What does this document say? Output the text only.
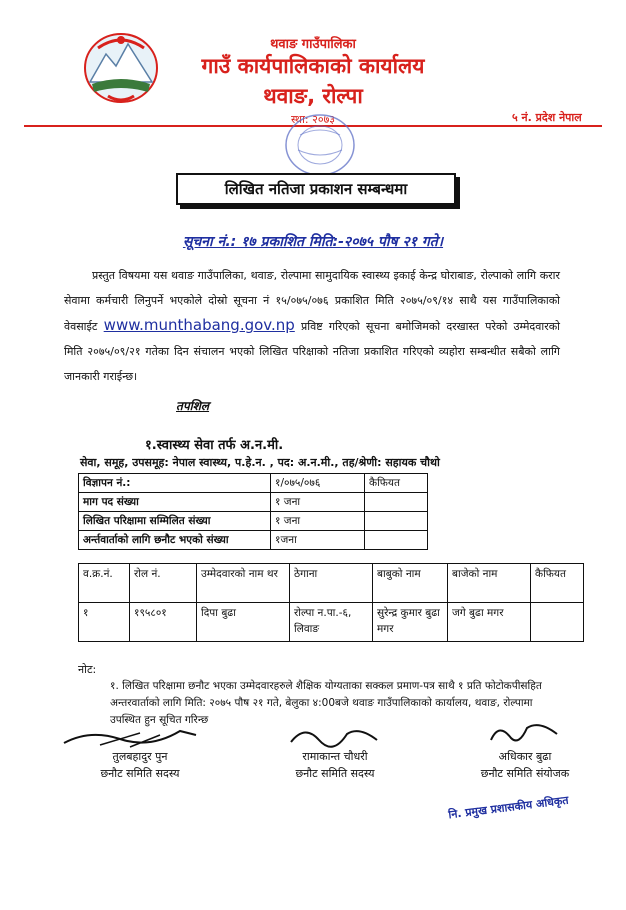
थवाङ गाउँपालिका
गाउँ कार्यपालिकाको कार्यालय
थवाङ, रोल्पा
स्था: २०७३	५ नं. प्रदेश नेपाल
लिखित नतिजा प्रकाशन सम्बन्धमा
सूचना नं.: १७ प्रकाशित मिति:-२०७५ पौष २१ गते।
प्रस्तुत विषयमा यस थवाङ गाउँपालिका, थवाङ, रोल्पामा सामुदायिक स्वास्थ्य इकाई केन्द्र घोराबाङ, रोल्पाको लागि करार सेवामा कर्मचारी लिनुपर्ने भएकोले दोस्रो सूचना नं १५/०७५/०७६ प्रकाशित मिति २०७५/०९/१४ साथै यस गाउँपालिकाको वेवसाईट www.munthabang.gov.np प्रविष्ट गरिएको सूचना बमोजिमको दरखास्त परेको उम्मेदवारको मिति २०७५/०९/२१ गतेका दिन संचालन भएको लिखित परिक्षाको नतिजा प्रकाशित गरिएको व्यहोरा सम्बन्धीत सबैको लागि जानकारी गराईन्छ।
तपशिल
१.स्वास्थ्य सेवा तर्फ अ.न.मी.
सेवा, समूह, उपसमूह: नेपाल स्वास्थ्य, प.हे.न. , पद: अ.न.मी., तह/श्रेणी: सहायक चौथो
विज्ञापन नं.:	१/०७५/०७६	कैफियत
माग पद संख्या	१ जना	
लिखित परिक्षामा सम्मिलित संख्या	१ जना	
अर्न्तवार्ताको लागि छनौट भएको संख्या	१जना	
व.क्र.नं.	रोल नं.	उम्मेदवारको नाम थर	ठेगाना	बाबुको नाम	बाजेको नाम	कैफियत
१	१९५८०१	दिपा बुढा	रोल्पा न.पा.-६, लिवाङ	सुरेन्द्र कुमार बुढा मगर	जगे बुढा मगर	
नोट:
१. लिखित परिक्षामा छनौट भएका उम्मेदवारहरुले शैक्षिक योग्यताका सक्कल प्रमाण-पत्र साथै १ प्रति फोटोकपीसहित अन्तरवार्ताको लागि मिति: २०७५ पौष २१ गते, बेलुका ४:00बजे थवाङ गाउँपालिकाको कार्यालय, थवाङ, रोल्पामा उपस्थित हुन सूचित गरिन्छ
तुलबहादुर पुन
छनौट समिति सदस्य
रामाकान्त चौधरी
छनौट समिति सदस्य
अधिकार बुढा
छनौट समिति संयोजक
नि. प्रमुख प्रशासकीय अधिकृत
